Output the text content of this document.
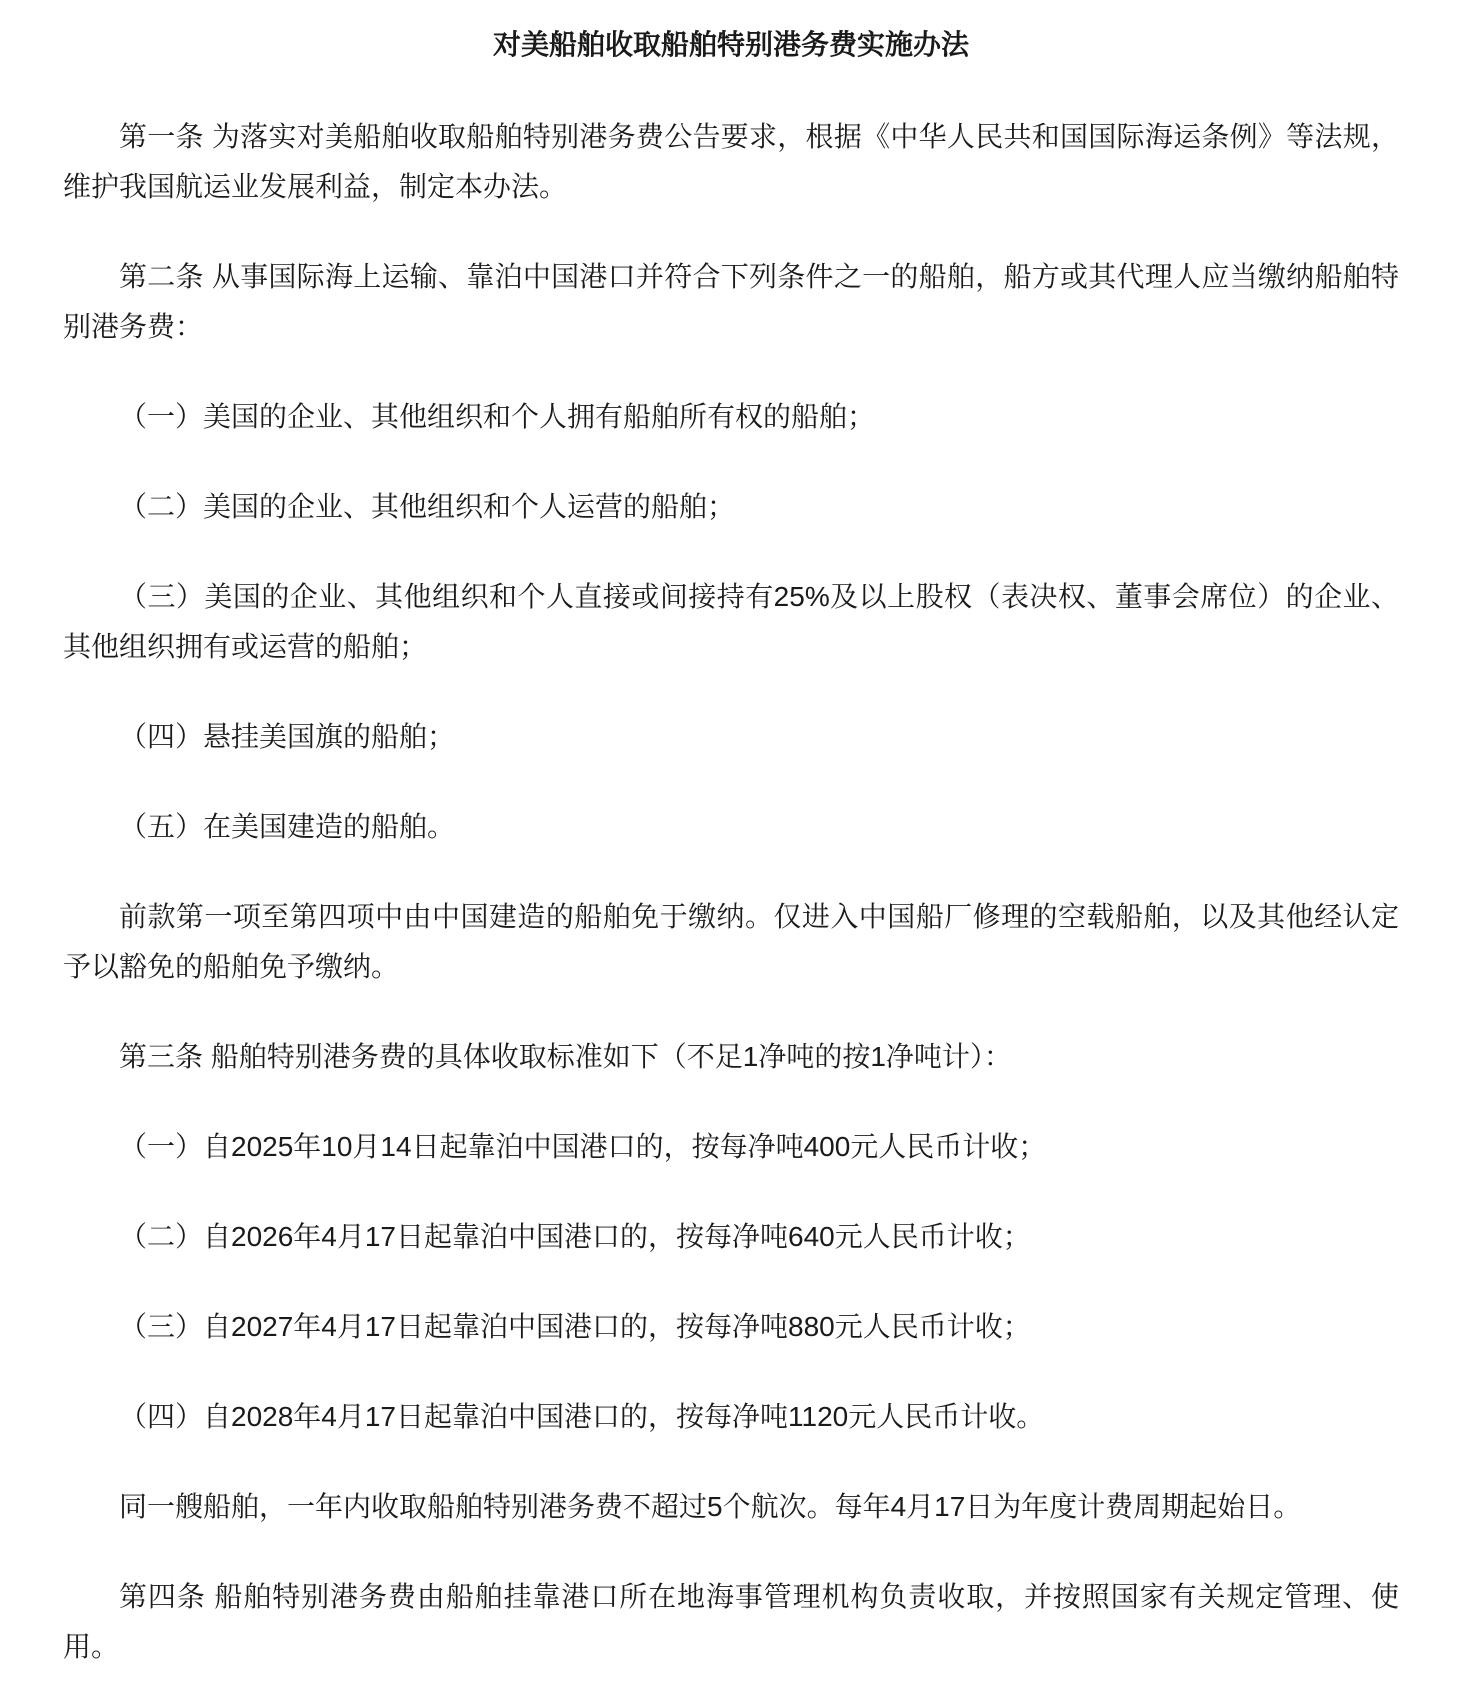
对美船舶收取船舶特别港务费实施办法

第一条 为落实对美船舶收取船舶特别港务费公告要求，根据《中华人民共和国国际海运条例》等法规，维护我国航运业发展利益，制定本办法。

第二条 从事国际海上运输、靠泊中国港口并符合下列条件之一的船舶，船方或其代理人应当缴纳船舶特别港务费：

（一）美国的企业、其他组织和个人拥有船舶所有权的船舶；

（二）美国的企业、其他组织和个人运营的船舶；

（三）美国的企业、其他组织和个人直接或间接持有25%及以上股权（表决权、董事会席位）的企业、其他组织拥有或运营的船舶；

（四）悬挂美国旗的船舶；

（五）在美国建造的船舶。

前款第一项至第四项中由中国建造的船舶免于缴纳。仅进入中国船厂修理的空载船舶，以及其他经认定予以豁免的船舶免予缴纳。

第三条 船舶特别港务费的具体收取标准如下（不足1净吨的按1净吨计）：

（一）自2025年10月14日起靠泊中国港口的，按每净吨400元人民币计收；

（二）自2026年4月17日起靠泊中国港口的，按每净吨640元人民币计收；

（三）自2027年4月17日起靠泊中国港口的，按每净吨880元人民币计收；

（四）自2028年4月17日起靠泊中国港口的，按每净吨1120元人民币计收。

同一艘船舶，一年内收取船舶特别港务费不超过5个航次。每年4月17日为年度计费周期起始日。

第四条 船舶特别港务费由船舶挂靠港口所在地海事管理机构负责收取，并按照国家有关规定管理、使用。
